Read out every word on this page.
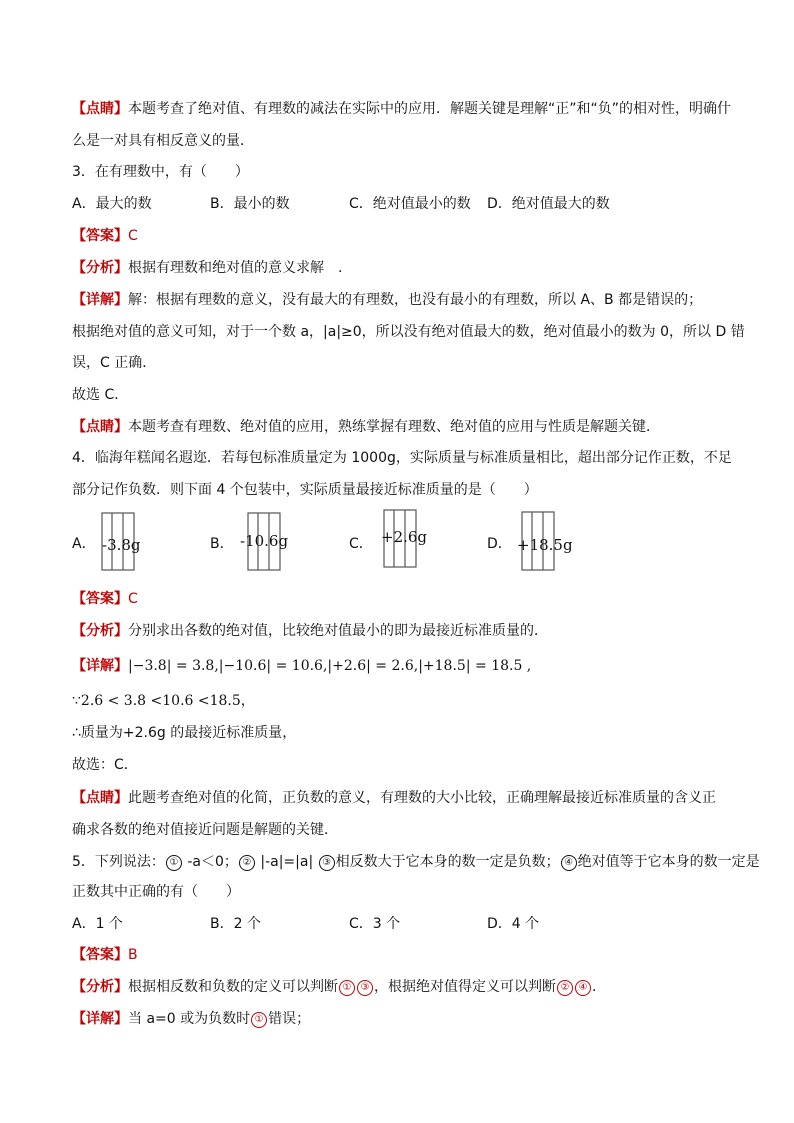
【点睛】本题考查了绝对值、有理数的减法在实际中的应用．解题关键是理解“正”和“负”的相对性，明确什
么是一对具有相反意义的量．
3．在有理数中，有（　　）
A．最大的数	B．最小的数	C．绝对值最小的数 D．绝对值最大的数
【答案】C
【分析】根据有理数和绝对值的意义求解　.
【详解】解：根据有理数的意义，没有最大的有理数，也没有最小的有理数，所以 A、B 都是错误的；
根据绝对值的意义可知，对于一个数 a，|a|≥0，所以没有绝对值最大的数，绝对值最小的数为 0，所以 D 错
误，C 正确．
故选 C．
【点睛】本题考查有理数、绝对值的应用，熟练掌握有理数、绝对值的应用与性质是解题关键．
4．临海年糕闻名遐迩．若每包标准质量定为 1000g，实际质量与标准质量相比，超出部分记作正数，不足
部分记作负数．则下面 4 个包装中，实际质量最接近标准质量的是（　　）
A． -3.8g	B． -10.6g	C． +2.6g	D． +18.5g
【答案】C
【分析】分别求出各数的绝对值，比较绝对值最小的即为最接近标准质量的．
【详解】|−3.8| = 3.8,|−10.6| = 10.6,|+2.6| = 2.6,|+18.5| = 18.5 ,
∵2.6 < 3.8 <10.6 <18.5，
∴质量为+2.6g 的最接近标准质量，
故选：C．
【点睛】此题考查绝对值的化简，正负数的意义，有理数的大小比较，正确理解最接近标准质量的含义正
确求各数的绝对值接近问题是解题的关键．
5．下列说法： ① -a＜0； ② |-a|=|a| ③ 相反数大于它本身的数一定是负数； ④ 绝对值等于它本身的数一定是
正数其中正确的有（　　）
A．1 个	B．2 个	C．3 个	D．4 个
【答案】B
【分析】根据相反数和负数的定义可以判断 ① ③ ，根据绝对值得定义可以判断 ② ④ ．
【详解】当 a=0 或为负数时 ① 错误；
